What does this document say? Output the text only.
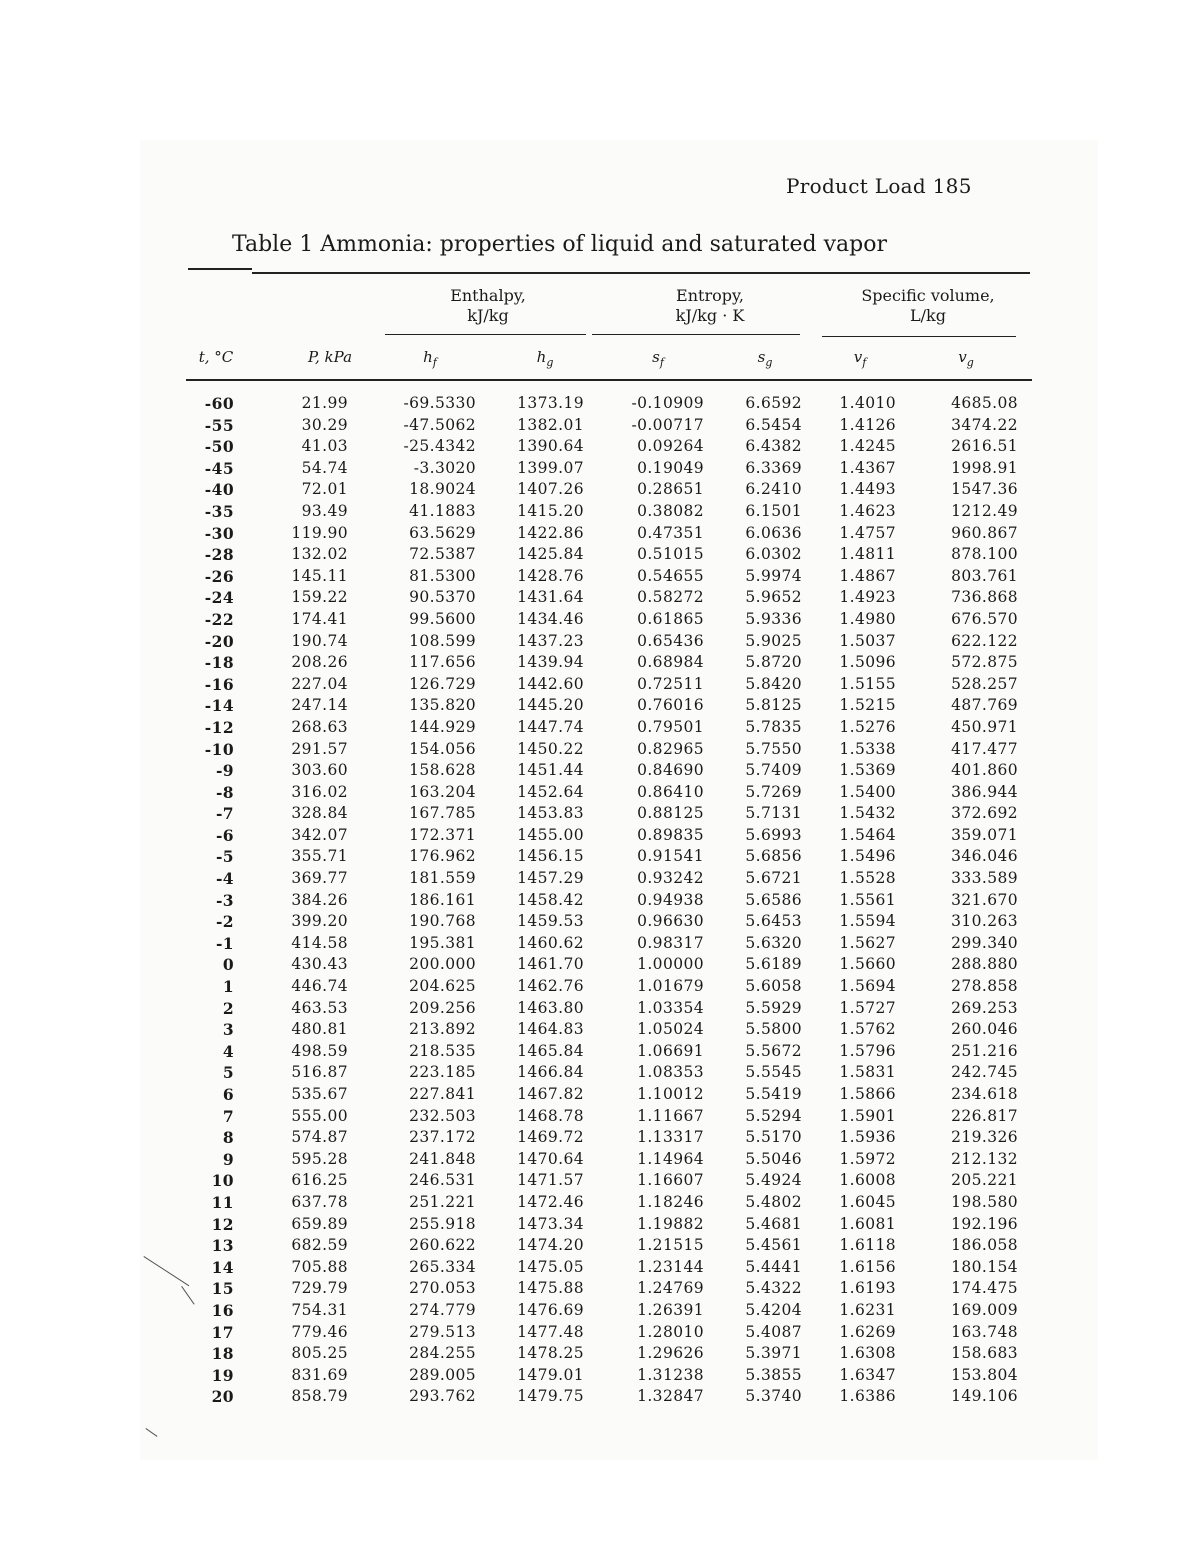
Product Load 185
Table 1 Ammonia: properties of liquid and saturated vapor
Enthalpy,
kJ/kg
Entropy,
kJ/kg · K
Specific volume,
L/kg
t, °C	P, kPa	$h_f$	$h_g$	$s_f$	$s_g$	$v_f$	$v_g$
-60	21.99	-69.5330	1373.19	-0.10909	6.6592	1.4010	4685.08
-55	30.29	-47.5062	1382.01	-0.00717	6.5454	1.4126	3474.22
-50	41.03	-25.4342	1390.64	0.09264	6.4382	1.4245	2616.51
-45	54.74	-3.3020	1399.07	0.19049	6.3369	1.4367	1998.91
-40	72.01	18.9024	1407.26	0.28651	6.2410	1.4493	1547.36
-35	93.49	41.1883	1415.20	0.38082	6.1501	1.4623	1212.49
-30	119.90	63.5629	1422.86	0.47351	6.0636	1.4757	960.867
-28	132.02	72.5387	1425.84	0.51015	6.0302	1.4811	878.100
-26	145.11	81.5300	1428.76	0.54655	5.9974	1.4867	803.761
-24	159.22	90.5370	1431.64	0.58272	5.9652	1.4923	736.868
-22	174.41	99.5600	1434.46	0.61865	5.9336	1.4980	676.570
-20	190.74	108.599	1437.23	0.65436	5.9025	1.5037	622.122
-18	208.26	117.656	1439.94	0.68984	5.8720	1.5096	572.875
-16	227.04	126.729	1442.60	0.72511	5.8420	1.5155	528.257
-14	247.14	135.820	1445.20	0.76016	5.8125	1.5215	487.769
-12	268.63	144.929	1447.74	0.79501	5.7835	1.5276	450.971
-10	291.57	154.056	1450.22	0.82965	5.7550	1.5338	417.477
-9	303.60	158.628	1451.44	0.84690	5.7409	1.5369	401.860
-8	316.02	163.204	1452.64	0.86410	5.7269	1.5400	386.944
-7	328.84	167.785	1453.83	0.88125	5.7131	1.5432	372.692
-6	342.07	172.371	1455.00	0.89835	5.6993	1.5464	359.071
-5	355.71	176.962	1456.15	0.91541	5.6856	1.5496	346.046
-4	369.77	181.559	1457.29	0.93242	5.6721	1.5528	333.589
-3	384.26	186.161	1458.42	0.94938	5.6586	1.5561	321.670
-2	399.20	190.768	1459.53	0.96630	5.6453	1.5594	310.263
-1	414.58	195.381	1460.62	0.98317	5.6320	1.5627	299.340
0	430.43	200.000	1461.70	1.00000	5.6189	1.5660	288.880
1	446.74	204.625	1462.76	1.01679	5.6058	1.5694	278.858
2	463.53	209.256	1463.80	1.03354	5.5929	1.5727	269.253
3	480.81	213.892	1464.83	1.05024	5.5800	1.5762	260.046
4	498.59	218.535	1465.84	1.06691	5.5672	1.5796	251.216
5	516.87	223.185	1466.84	1.08353	5.5545	1.5831	242.745
6	535.67	227.841	1467.82	1.10012	5.5419	1.5866	234.618
7	555.00	232.503	1468.78	1.11667	5.5294	1.5901	226.817
8	574.87	237.172	1469.72	1.13317	5.5170	1.5936	219.326
9	595.28	241.848	1470.64	1.14964	5.5046	1.5972	212.132
10	616.25	246.531	1471.57	1.16607	5.4924	1.6008	205.221
11	637.78	251.221	1472.46	1.18246	5.4802	1.6045	198.580
12	659.89	255.918	1473.34	1.19882	5.4681	1.6081	192.196
13	682.59	260.622	1474.20	1.21515	5.4561	1.6118	186.058
14	705.88	265.334	1475.05	1.23144	5.4441	1.6156	180.154
15	729.79	270.053	1475.88	1.24769	5.4322	1.6193	174.475
16	754.31	274.779	1476.69	1.26391	5.4204	1.6231	169.009
17	779.46	279.513	1477.48	1.28010	5.4087	1.6269	163.748
18	805.25	284.255	1478.25	1.29626	5.3971	1.6308	158.683
19	831.69	289.005	1479.01	1.31238	5.3855	1.6347	153.804
20	858.79	293.762	1479.75	1.32847	5.3740	1.6386	149.106
